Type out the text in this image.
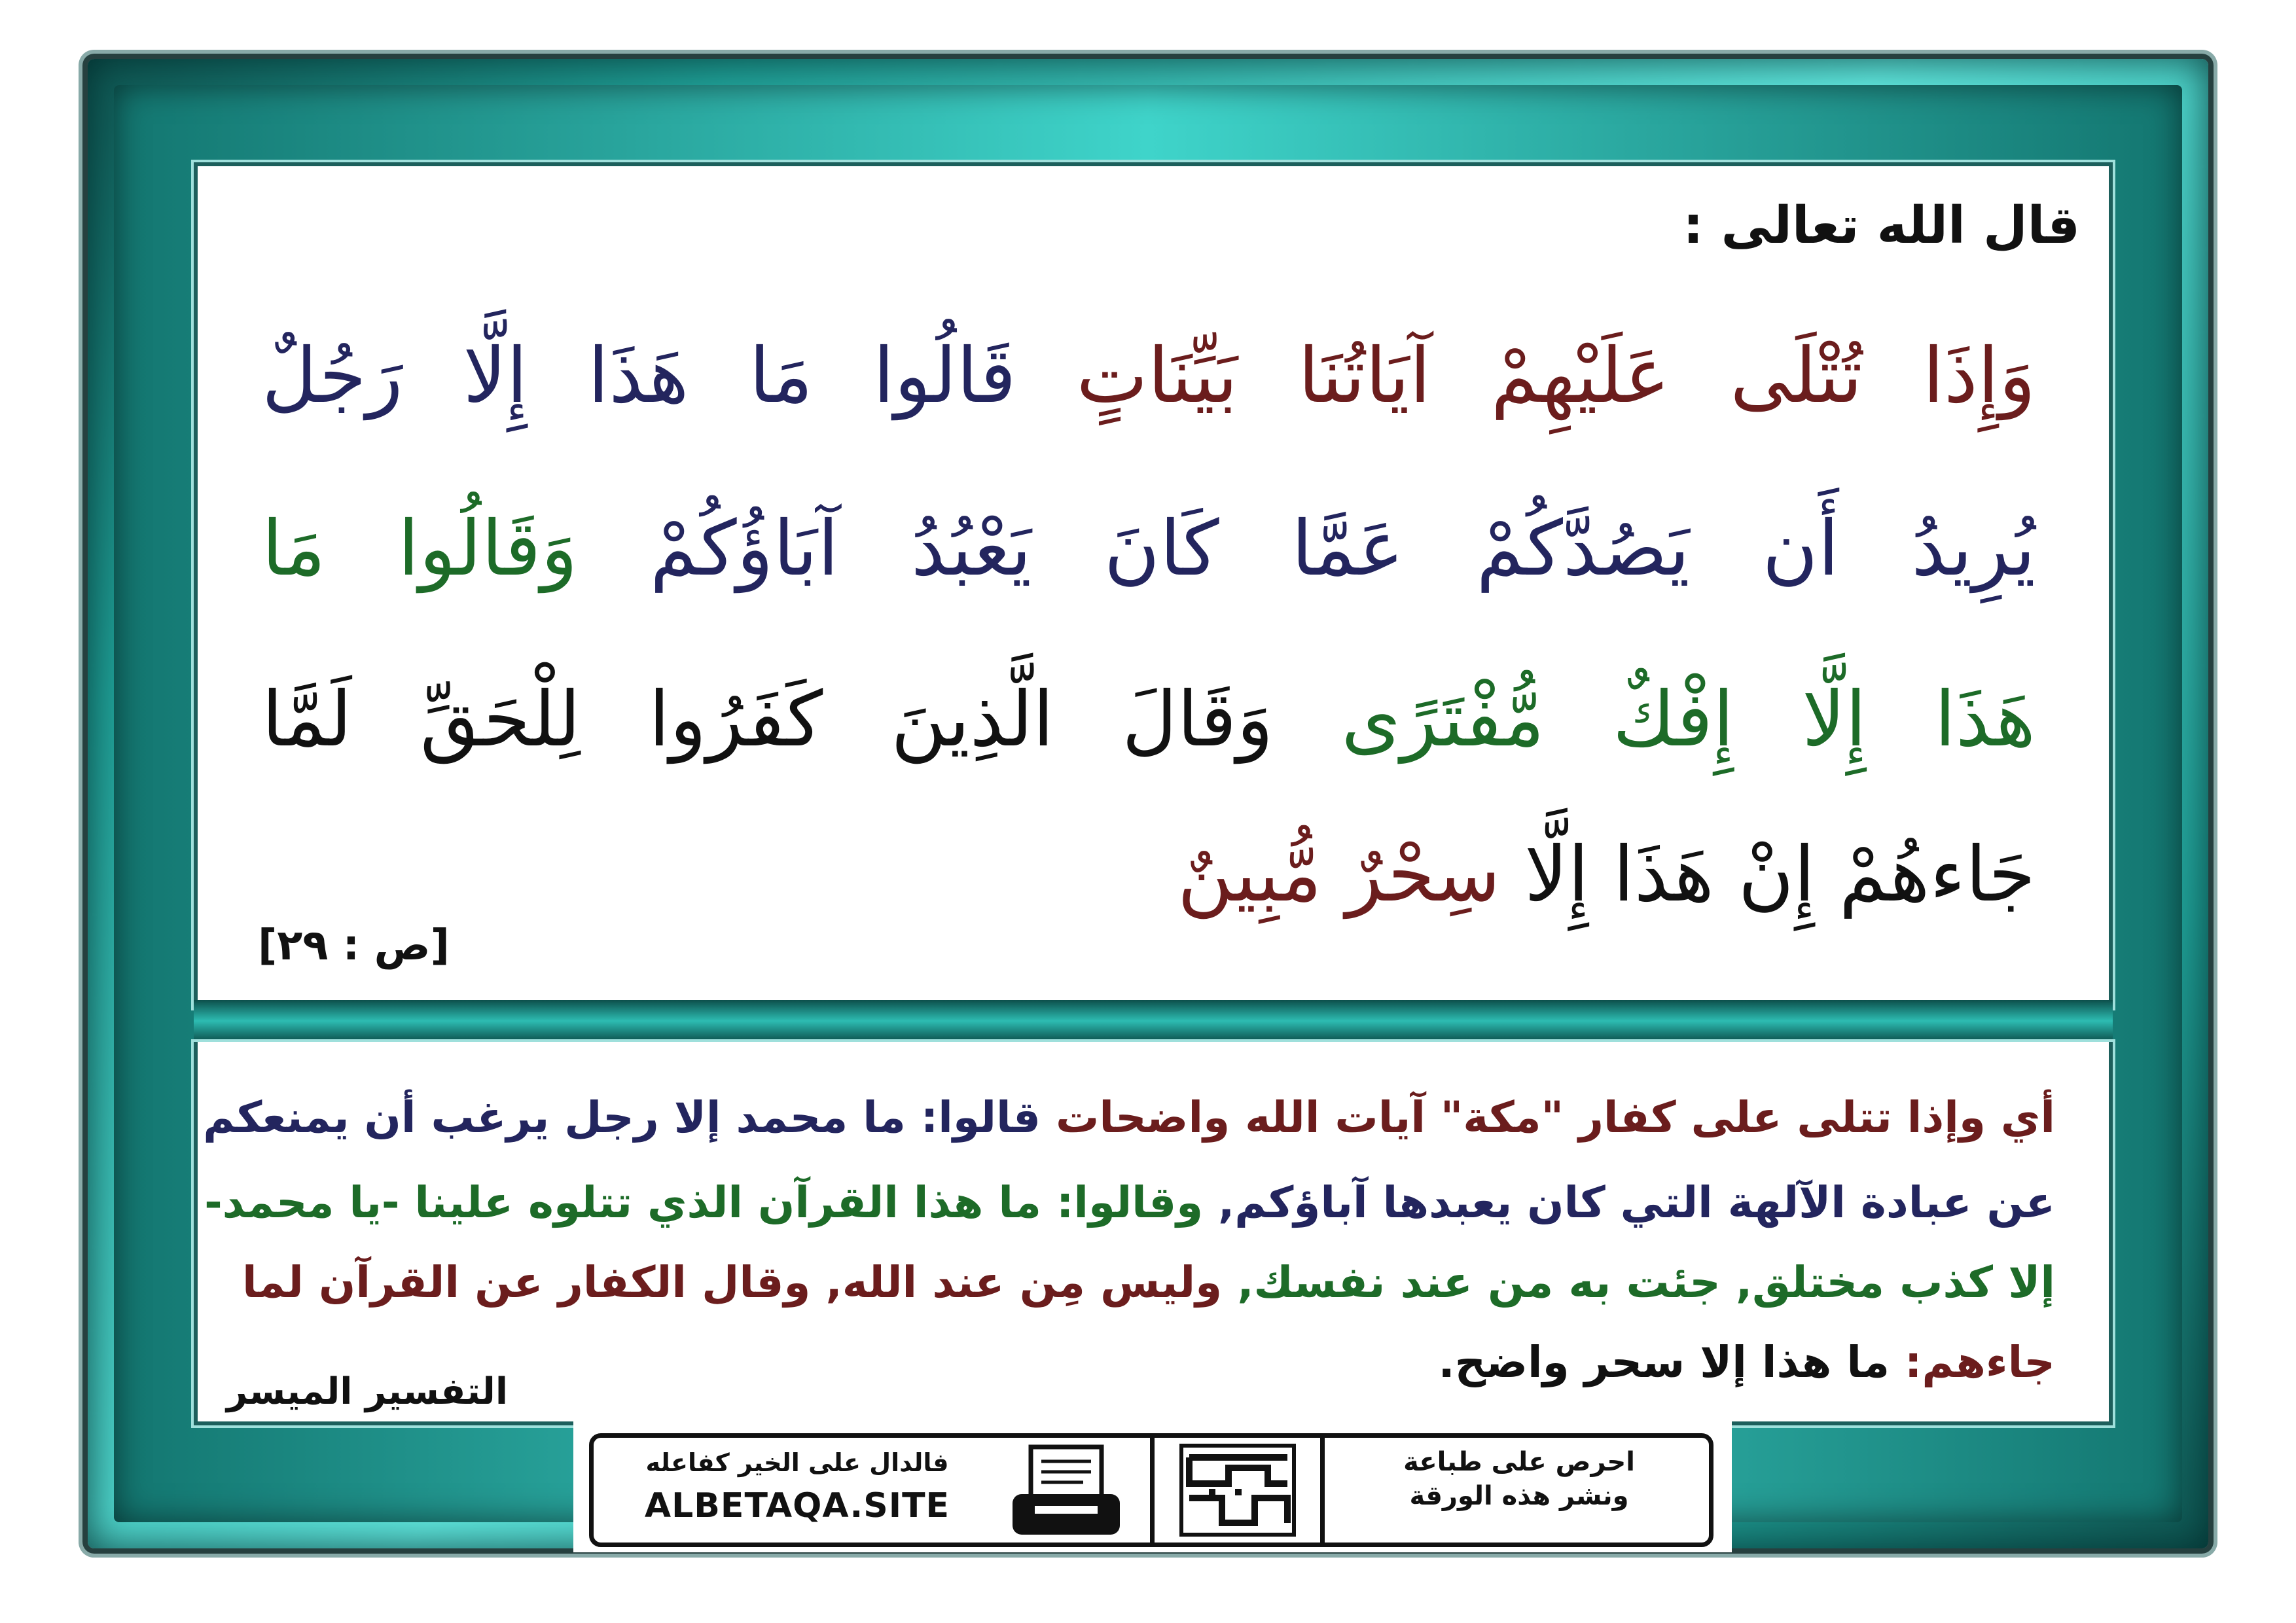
قال الله تعالى :
وَإِذَا تُتْلَى عَلَيْهِمْ آيَاتُنَا بَيِّنَاتٍ قَالُوا مَا هَذَا إِلَّا رَجُلٌ
يُرِيدُ أَن يَصُدَّكُمْ عَمَّا كَانَ يَعْبُدُ آبَاؤُكُمْ وَقَالُوا مَا
هَذَا إِلَّا إِفْكٌ مُّفْتَرًى وَقَالَ الَّذِينَ كَفَرُوا لِلْحَقِّ لَمَّا
جَاءهُمْ إِنْ هَذَا إِلَّا سِحْرٌ مُّبِينٌ
[ص : ٢٩]
أي وإذا تتلى على كفار "مكة" آيات الله واضحات قالوا: ما محمد إلا رجل يرغب أن يمنعكم
عن عبادة الآلهة التي كان يعبدها آباؤكم, وقالوا: ما هذا القرآن الذي تتلوه علينا -يا محمد-
إلا كذب مختلق, جئت به من عند نفسك, وليس مِن عند الله, وقال الكفار عن القرآن لما
جاءهم: ما هذا إلا سحر واضح.
التفسير الميسر
فالدال على الخير كفاعله
ALBETAQA.SITE
احرص على طباعة
ونشر هذه الورقة
